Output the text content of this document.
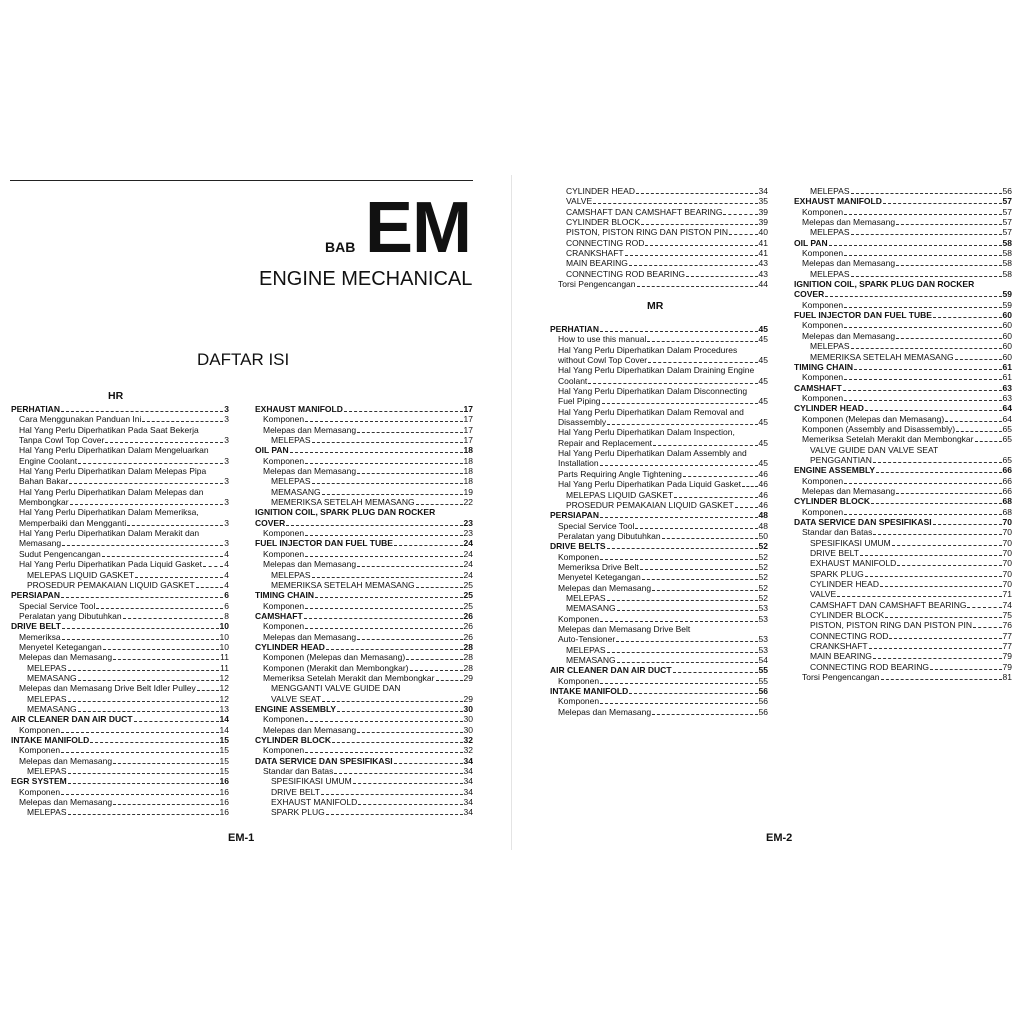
BAB EM
ENGINE MECHANICAL
DAFTAR ISI
HR
PERHATIAN	3
Cara Menggunakan Panduan Ini	3
Hal Yang Perlu Diperhatikan Pada Saat Bekerja
Tanpa Cowl Top Cover	3
Hal Yang Perlu Diperhatikan Dalam Mengeluarkan
Engine Coolant	3
Hal Yang Perlu Diperhatikan Dalam Melepas Pipa
Bahan Bakar	3
Hal Yang Perlu Diperhatikan Dalam Melepas dan
Membongkar	3
Hal Yang Perlu Diperhatikan Dalam Memeriksa,
Memperbaiki dan Mengganti	3
Hal Yang Perlu Diperhatikan Dalam Merakit dan
Memasang	3
Sudut Pengencangan	4
Hal Yang Perlu Diperhatikan Pada Liquid Gasket	4
MELEPAS LIQUID GASKET	4
PROSEDUR PEMAKAIAN LIQUID GASKET	4
PERSIAPAN	6
Special Service Tool	6
Peralatan yang Dibutuhkan	8
DRIVE BELT	10
Memeriksa	10
Menyetel Ketegangan	10
Melepas dan Memasang	11
MELEPAS	11
MEMASANG	12
Melepas dan Memasang Drive Belt Idler Pulley	12
MELEPAS	12
MEMASANG	13
AIR CLEANER DAN AIR DUCT	14
Komponen	14
INTAKE MANIFOLD	15
Komponen	15
Melepas dan Memasang	15
MELEPAS	15
EGR SYSTEM	16
Komponen	16
Melepas dan Memasang	16
MELEPAS	16
EXHAUST MANIFOLD	17
Komponen	17
Melepas dan Memasang	17
MELEPAS	17
OIL PAN	18
Komponen	18
Melepas dan Memasang	18
MELEPAS	18
MEMASANG	19
MEMERIKSA SETELAH MEMASANG	22
IGNITION COIL, SPARK PLUG DAN ROCKER
COVER	23
Komponen	23
FUEL INJECTOR DAN FUEL TUBE	24
Komponen	24
Melepas dan Memasang	24
MELEPAS	24
MEMERIKSA SETELAH MEMASANG	25
TIMING CHAIN	25
Komponen	25
CAMSHAFT	26
Komponen	26
Melepas dan Memasang	26
CYLINDER HEAD	28
Komponen (Melepas dan Memasang)	28
Komponen (Merakit dan Membongkar)	28
Memeriksa Setelah Merakit dan Membongkar	29
MENGGANTI VALVE GUIDE DAN
VALVE SEAT	29
ENGINE ASSEMBLY	30
Komponen	30
Melepas dan Memasang	30
CYLINDER BLOCK	32
Komponen	32
DATA SERVICE DAN SPESIFIKASI	34
Standar dan Batas	34
SPESIFIKASI UMUM	34
DRIVE BELT	34
EXHAUST MANIFOLD	34
SPARK PLUG	34
EM-1
CYLINDER HEAD	34
VALVE	35
CAMSHAFT DAN CAMSHAFT BEARING	39
CYLINDER BLOCK	39
PISTON, PISTON RING DAN PISTON PIN	40
CONNECTING ROD	41
CRANKSHAFT	41
MAIN BEARING	43
CONNECTING ROD BEARING	43
Torsi Pengencangan	44
MR
PERHATIAN	45
How to use this manual	45
Hal Yang Perlu Diperhatikan Dalam Procedures
without Cowl Top Cover	45
Hal Yang Perlu Diperhatikan Dalam Draining Engine
Coolant	45
Hal Yang Perlu Diperhatikan Dalam Disconnecting
Fuel Piping	45
Hal Yang Perlu Diperhatikan Dalam Removal and
Disassembly	45
Hal Yang Perlu Diperhatikan Dalam Inspection,
Repair and Replacement	45
Hal Yang Perlu Diperhatikan Dalam Assembly and
Installation	45
Parts Requiring Angle Tightening	46
Hal Yang Perlu Diperhatikan Pada Liquid Gasket 46
MELEPAS LIQUID GASKET	46
PROSEDUR PEMAKAIAN LIQUID GASKET	46
PERSIAPAN	48
Special Service Tool	48
Peralatan yang Dibutuhkan	50
DRIVE BELTS	52
Komponen	52
Memeriksa Drive Belt	52
Menyetel Ketegangan	52
Melepas dan Memasang	52
MELEPAS	52
MEMASANG	53
Komponen	53
Melepas dan Memasang Drive Belt
Auto-Tensioner	53
MELEPAS	53
MEMASANG	54
AIR CLEANER DAN AIR DUCT	55
Komponen	55
INTAKE MANIFOLD	56
Komponen	56
Melepas dan Memasang	56
MELEPAS	56
EXHAUST MANIFOLD	57
Komponen	57
Melepas dan Memasang	57
MELEPAS	57
OIL PAN	58
Komponen	58
Melepas dan Memasang	58
MELEPAS	58
IGNITION COIL, SPARK PLUG DAN ROCKER
COVER	59
Komponen	59
FUEL INJECTOR DAN FUEL TUBE	60
Komponen	60
Melepas dan Memasang	60
MELEPAS	60
MEMERIKSA SETELAH MEMASANG	60
TIMING CHAIN	61
Komponen	61
CAMSHAFT	63
Komponen	63
CYLINDER HEAD	64
Komponen (Melepas dan Memasang)	64
Komponen (Assembly and Disassembly)	65
Memeriksa Setelah Merakit dan Membongkar	65
VALVE GUIDE DAN VALVE SEAT
PENGGANTIAN	65
ENGINE ASSEMBLY	66
Komponen	66
Melepas dan Memasang	66
CYLINDER BLOCK	68
Komponen	68
DATA SERVICE DAN SPESIFIKASI	70
Standar dan Batas	70
SPESIFIKASI UMUM	70
DRIVE BELT	70
EXHAUST MANIFOLD	70
SPARK PLUG	70
CYLINDER HEAD	70
VALVE	71
CAMSHAFT DAN CAMSHAFT BEARING	74
CYLINDER BLOCK	75
PISTON, PISTON RING DAN PISTON PIN	76
CONNECTING ROD	77
CRANKSHAFT	77
MAIN BEARING	79
CONNECTING ROD BEARING	79
Torsi Pengencangan	81
EM-2
